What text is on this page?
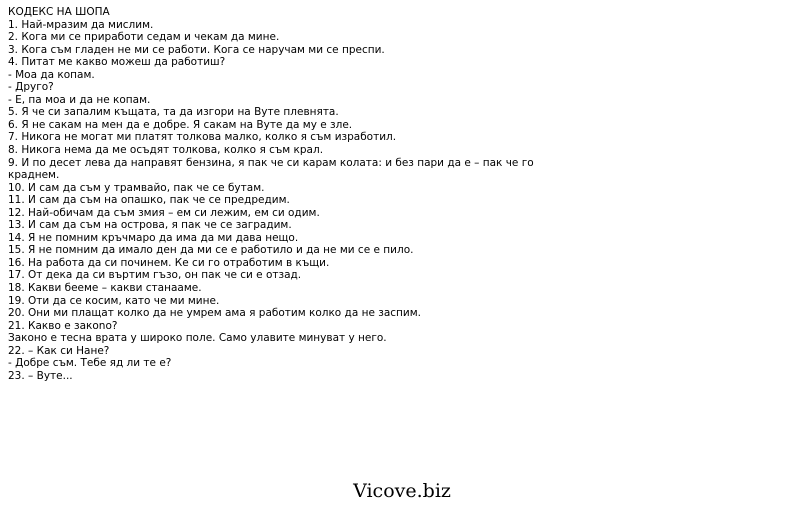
КОДЕКС НА ШОПА
1. Най-мразим да мислим.
2. Кога ми се приработи седам и чекам да мине.
3. Кога съм гладен не ми се работи. Кога се наручам ми се преспи.
4. Питат ме какво можеш да работиш?
- Моа да копам.
- Друго?
- Е, па моа и да не копам.
5. Я че си запалим къщата, та да изгори на Вуте плевнята.
6. Я не сакам на мен да е добре. Я сакам на Вуте да му е зле.
7. Никога не могат ми платят толкова малко, колко я съм изработил.
8. Никога нема да ме осъдят толкова, колко я съм крал.
9. И по десет лева да направят бензина, я пак че си карам колата: и без пари да е – пак че го краднем.
10. И сам да съм у трамвайо, пак че се бутам.
11. И сам да съм на опашко, пак че се предредим.
12. Най-обичам да съм змия – ем си лежим, ем си одим.
13. И сам да съм на острова, я пак че се заградим.
14. Я не помним кръчмаро да има да ми дава нещо.
15. Я не помним да имало ден да ми се е работило и да не ми се е пило.
16. На работа да си починем. Ке си го отработим в къщи.
17. От дека да си въртим гъзо, он пак че си е отзад.
18. Какви бееме – какви станааме.
19. Оти да се косим, като че ми мине.
20. Они ми плащат колко да не умрем ама я работим колко да не заспим.
21. Какво е закono?
Законо е тесна врата у широко поле. Само улавите минуват у него.
22. – Как си Нане?
- Добре съм. Тебе яд ли те е?
23. – Вуте...
Vicove.biz
